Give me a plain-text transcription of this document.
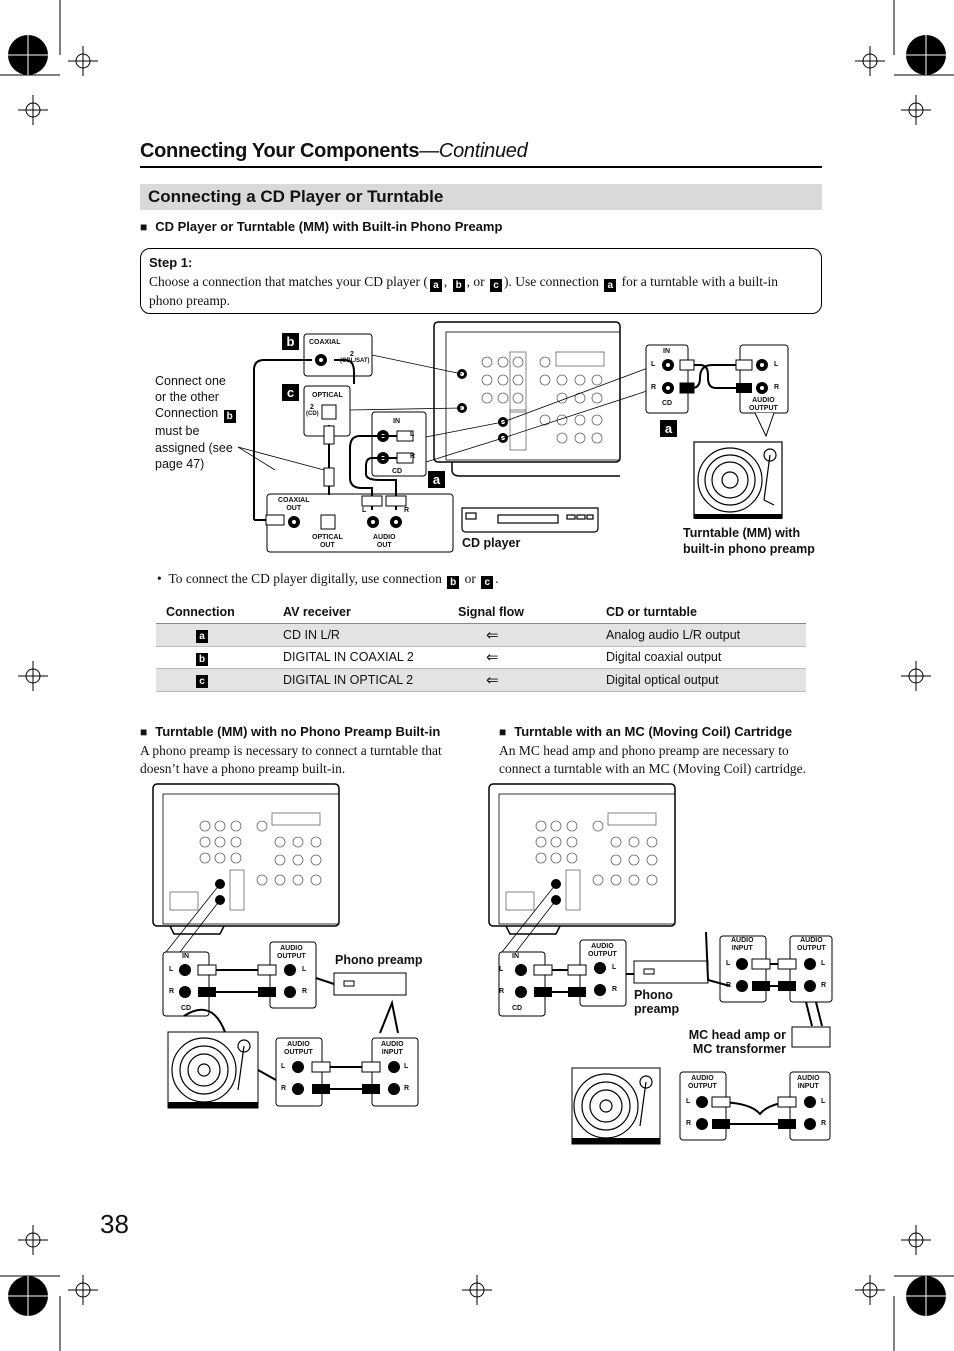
Connecting Your Components—Continued
Connecting a CD Player or Turntable
■ CD Player or Turntable (MM) with Built-in Phono Preamp
Step 1:
Choose a connection that matches your CD player ( a , b , or c ). Use connection a for a turntable with a built-in phono preamp.
b
c
a
a
Connect one
or the other
Connection b
must be
assigned (see
page 47)
COAXIAL
2
(CBL/SAT)
OPTICAL
2
(CD)
IN
L
R
CD
COAXIAL
OUT
OPTICAL
OUT
AUDIO
OUT
L	R
IN
L
R
CD
L
R
AUDIO
OUTPUT
CD player
Turntable (MM) with
built-in phono preamp
•  To connect the CD player digitally, use connection b or c .
Connection	AV receiver	Signal flow	CD or turntable
a	CD IN L/R	⇐	Analog audio L/R output
b	DIGITAL IN COAXIAL 2	⇐	Digital coaxial output
c	DIGITAL IN OPTICAL 2	⇐	Digital optical output
■ Turntable (MM) with no Phono Preamp Built-in
A phono preamp is necessary to connect a turntable that doesn’t have a phono preamp built-in.
■ Turntable with an MC (Moving Coil) Cartridge
An MC head amp and phono preamp are necessary to connect a turntable with an MC (Moving Coil) cartridge.
IN
L
R
CD
AUDIO
OUTPUT
L
R
Phono preamp
AUDIO
OUTPUT
AUDIO
INPUT
L
R
L
R
IN
L
R
CD
AUDIO
OUTPUT
L
R Phono
preamp
AUDIO
INPUT
AUDIO
OUTPUT
L
R
L
R
MC head amp or
MC transformer
AUDIO
OUTPUT
AUDIO
INPUT
L
R
L
R
38
